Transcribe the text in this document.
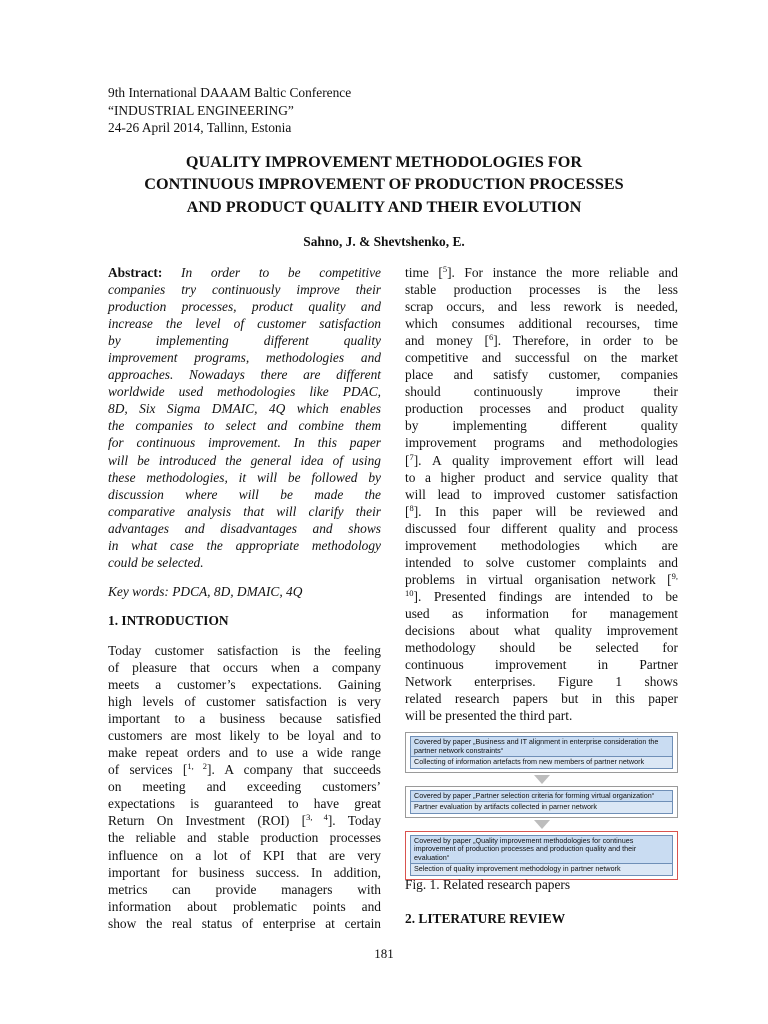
9th International DAAAM Baltic Conference
“INDUSTRIAL ENGINEERING”
24-26 April 2014, Tallinn, Estonia
QUALITY IMPROVEMENT METHODOLOGIES FOR
CONTINUOUS IMPROVEMENT OF PRODUCTION PROCESSES
AND PRODUCT QUALITY AND THEIR EVOLUTION
Sahno, J. & Shevtshenko, E.
Abstract: In order to be competitive
companies try continuously improve their
production processes, product quality and
increase the level of customer satisfaction
by implementing different quality
improvement programs, methodologies and
approaches. Nowadays there are different
worldwide used methodologies like PDAC,
8D, Six Sigma DMAIC, 4Q which enables
the companies to select and combine them
for continuous improvement. In this paper
will be introduced the general idea of using
these methodologies, it will be followed by
discussion where will be made the
comparative analysis that will clarify their
advantages and disadvantages and shows
in what case the appropriate methodology
could be selected.
Key words: PDCA, 8D, DMAIC, 4Q
1. INTRODUCTION
Today customer satisfaction is the feeling
of pleasure that occurs when a company
meets a customer’s expectations. Gaining
high levels of customer satisfaction is very
important to a business because satisfied
customers are most likely to be loyal and to
make repeat orders and to use a wide range
of services [$^{1, 2}$]. A company that succeeds
on meeting and exceeding customers’
expectations is guaranteed to have great
Return On Investment (ROI) [$^{3, 4}$]. Today
the reliable and stable production processes
influence on a lot of KPI that are very
important for business success. In addition,
metrics can provide managers with
information about problematic points and
show the real status of enterprise at certain
time [$^5$]. For instance the more reliable and
stable production processes is the less
scrap occurs, and less rework is needed,
which consumes additional recourses, time
and money [$^6$]. Therefore, in order to be
competitive and successful on the market
place and satisfy customer, companies
should continuously improve their
production processes and product quality
by implementing different quality
improvement programs and methodologies
[$^7$]. A quality improvement effort will lead
to a higher product and service quality that
will lead to improved customer satisfaction
[$^8$]. In this paper will be reviewed and
discussed four different quality and process
improvement methodologies which are
intended to solve customer complaints and
problems in virtual organisation network [$^{9,}$
$^{10}$]. Presented findings are intended to be
used as information for management
decisions about what quality improvement
methodology should be selected for
continuous improvement in Partner
Network enterprises. Figure 1 shows
related research papers but in this paper
will be presented the third part.
Covered by paper „Business and IT alignment in enterprise consideration the partner network constraints“
Collecting of information artefacts from new members of partner network
Covered by paper „Partner selection criteria for forming virtual organization“
Partner evaluation by artifacts collected in parner network
Covered by paper „Quality improvement methodologies for continues improvement of production processes and production quality and their evaluation“
Selection of quality improvement methodology in partner network
Fig. 1. Related research papers
2. LITERATURE REVIEW
181
